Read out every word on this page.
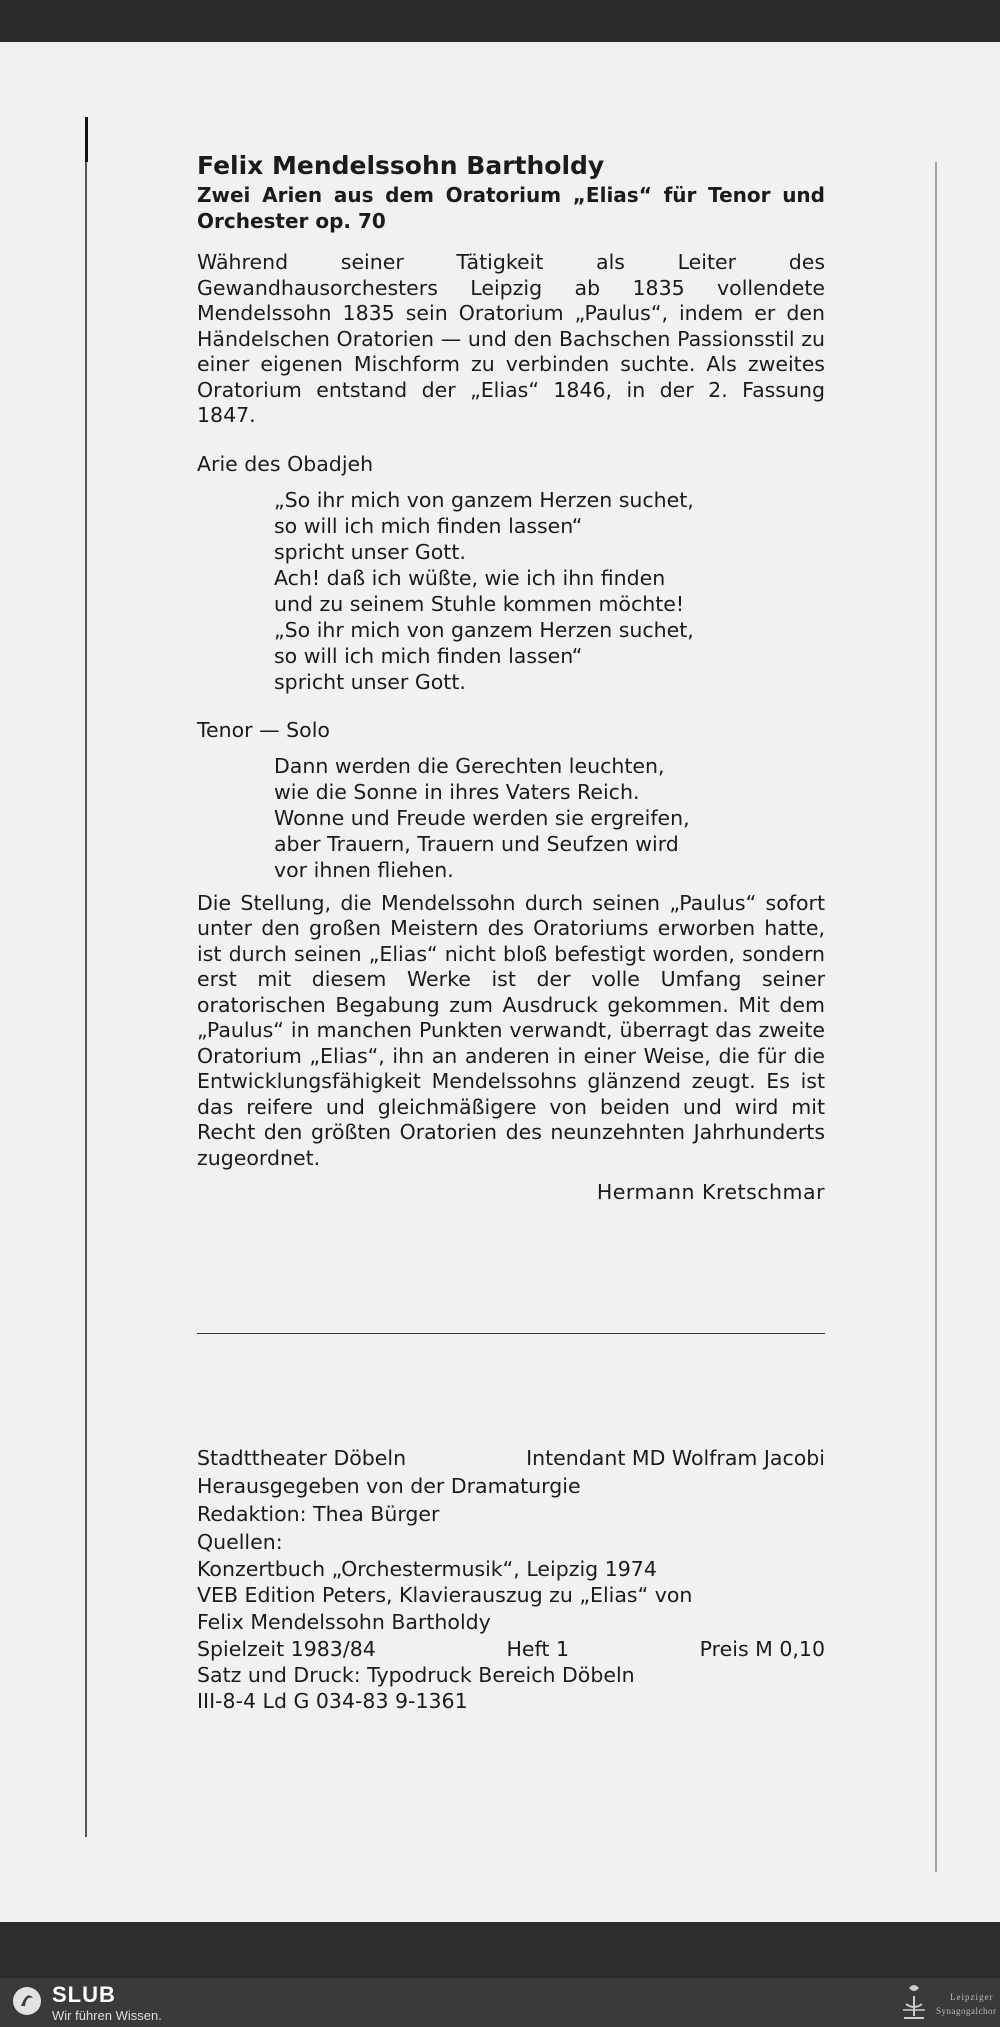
Felix Mendelssohn Bartholdy
Zwei Arien aus dem Oratorium „Elias“ für Tenor und Orchester op. 70

Während seiner Tätigkeit als Leiter des Gewandhausorchesters Leipzig ab 1835 vollendete Mendelssohn 1835 sein Oratorium „Paulus“, indem er den Händelschen Oratorien — und den Bachschen Passionsstil zu einer eigenen Mischform zu verbinden suchte. Als zweites Oratorium entstand der „Elias“ 1846, in der 2. Fassung 1847.

Arie des Obadjeh
„So ihr mich von ganzem Herzen suchet,
so will ich mich finden lassen“
spricht unser Gott.
Ach! daß ich wüßte, wie ich ihn finden
und zu seinem Stuhle kommen möchte!
„So ihr mich von ganzem Herzen suchet,
so will ich mich finden lassen“
spricht unser Gott.
Tenor — Solo
Dann werden die Gerechten leuchten,
wie die Sonne in ihres Vaters Reich.
Wonne und Freude werden sie ergreifen,
aber Trauern, Trauern und Seufzen wird
vor ihnen fliehen.

Die Stellung, die Mendelssohn durch seinen „Paulus“ sofort unter den großen Meistern des Oratoriums erworben hatte, ist durch seinen „Elias“ nicht bloß befestigt worden, sondern erst mit diesem Werke ist der volle Umfang seiner oratorischen Begabung zum Ausdruck gekommen. Mit dem „Paulus“ in manchen Punkten verwandt, überragt das zweite Oratorium „Elias“, ihn an anderen in einer Weise, die für die Entwicklungsfähigkeit Mendelssohns glänzend zeugt. Es ist das reifere und gleichmäßigere von beiden und wird mit Recht den größten Oratorien des neunzehnten Jahrhunderts zugeordnet.

Hermann Kretschmar
Stadttheater Döbeln	Intendant MD Wolfram Jacobi
Herausgegeben von der Dramaturgie
Redaktion: Thea Bürger
Quellen:
Konzertbuch „Orchestermusik“, Leipzig 1974
VEB Edition Peters, Klavierauszug zu „Elias“ von
Felix Mendelssohn Bartholdy
Spielzeit 1983/84	Heft 1	Preis M 0,10
Satz und Druck: Typodruck Bereich Döbeln
III-8-4 Ld G 034-83 9-1361
SLUB
Wir führen Wissen.
Leipziger
Synagogalchor
